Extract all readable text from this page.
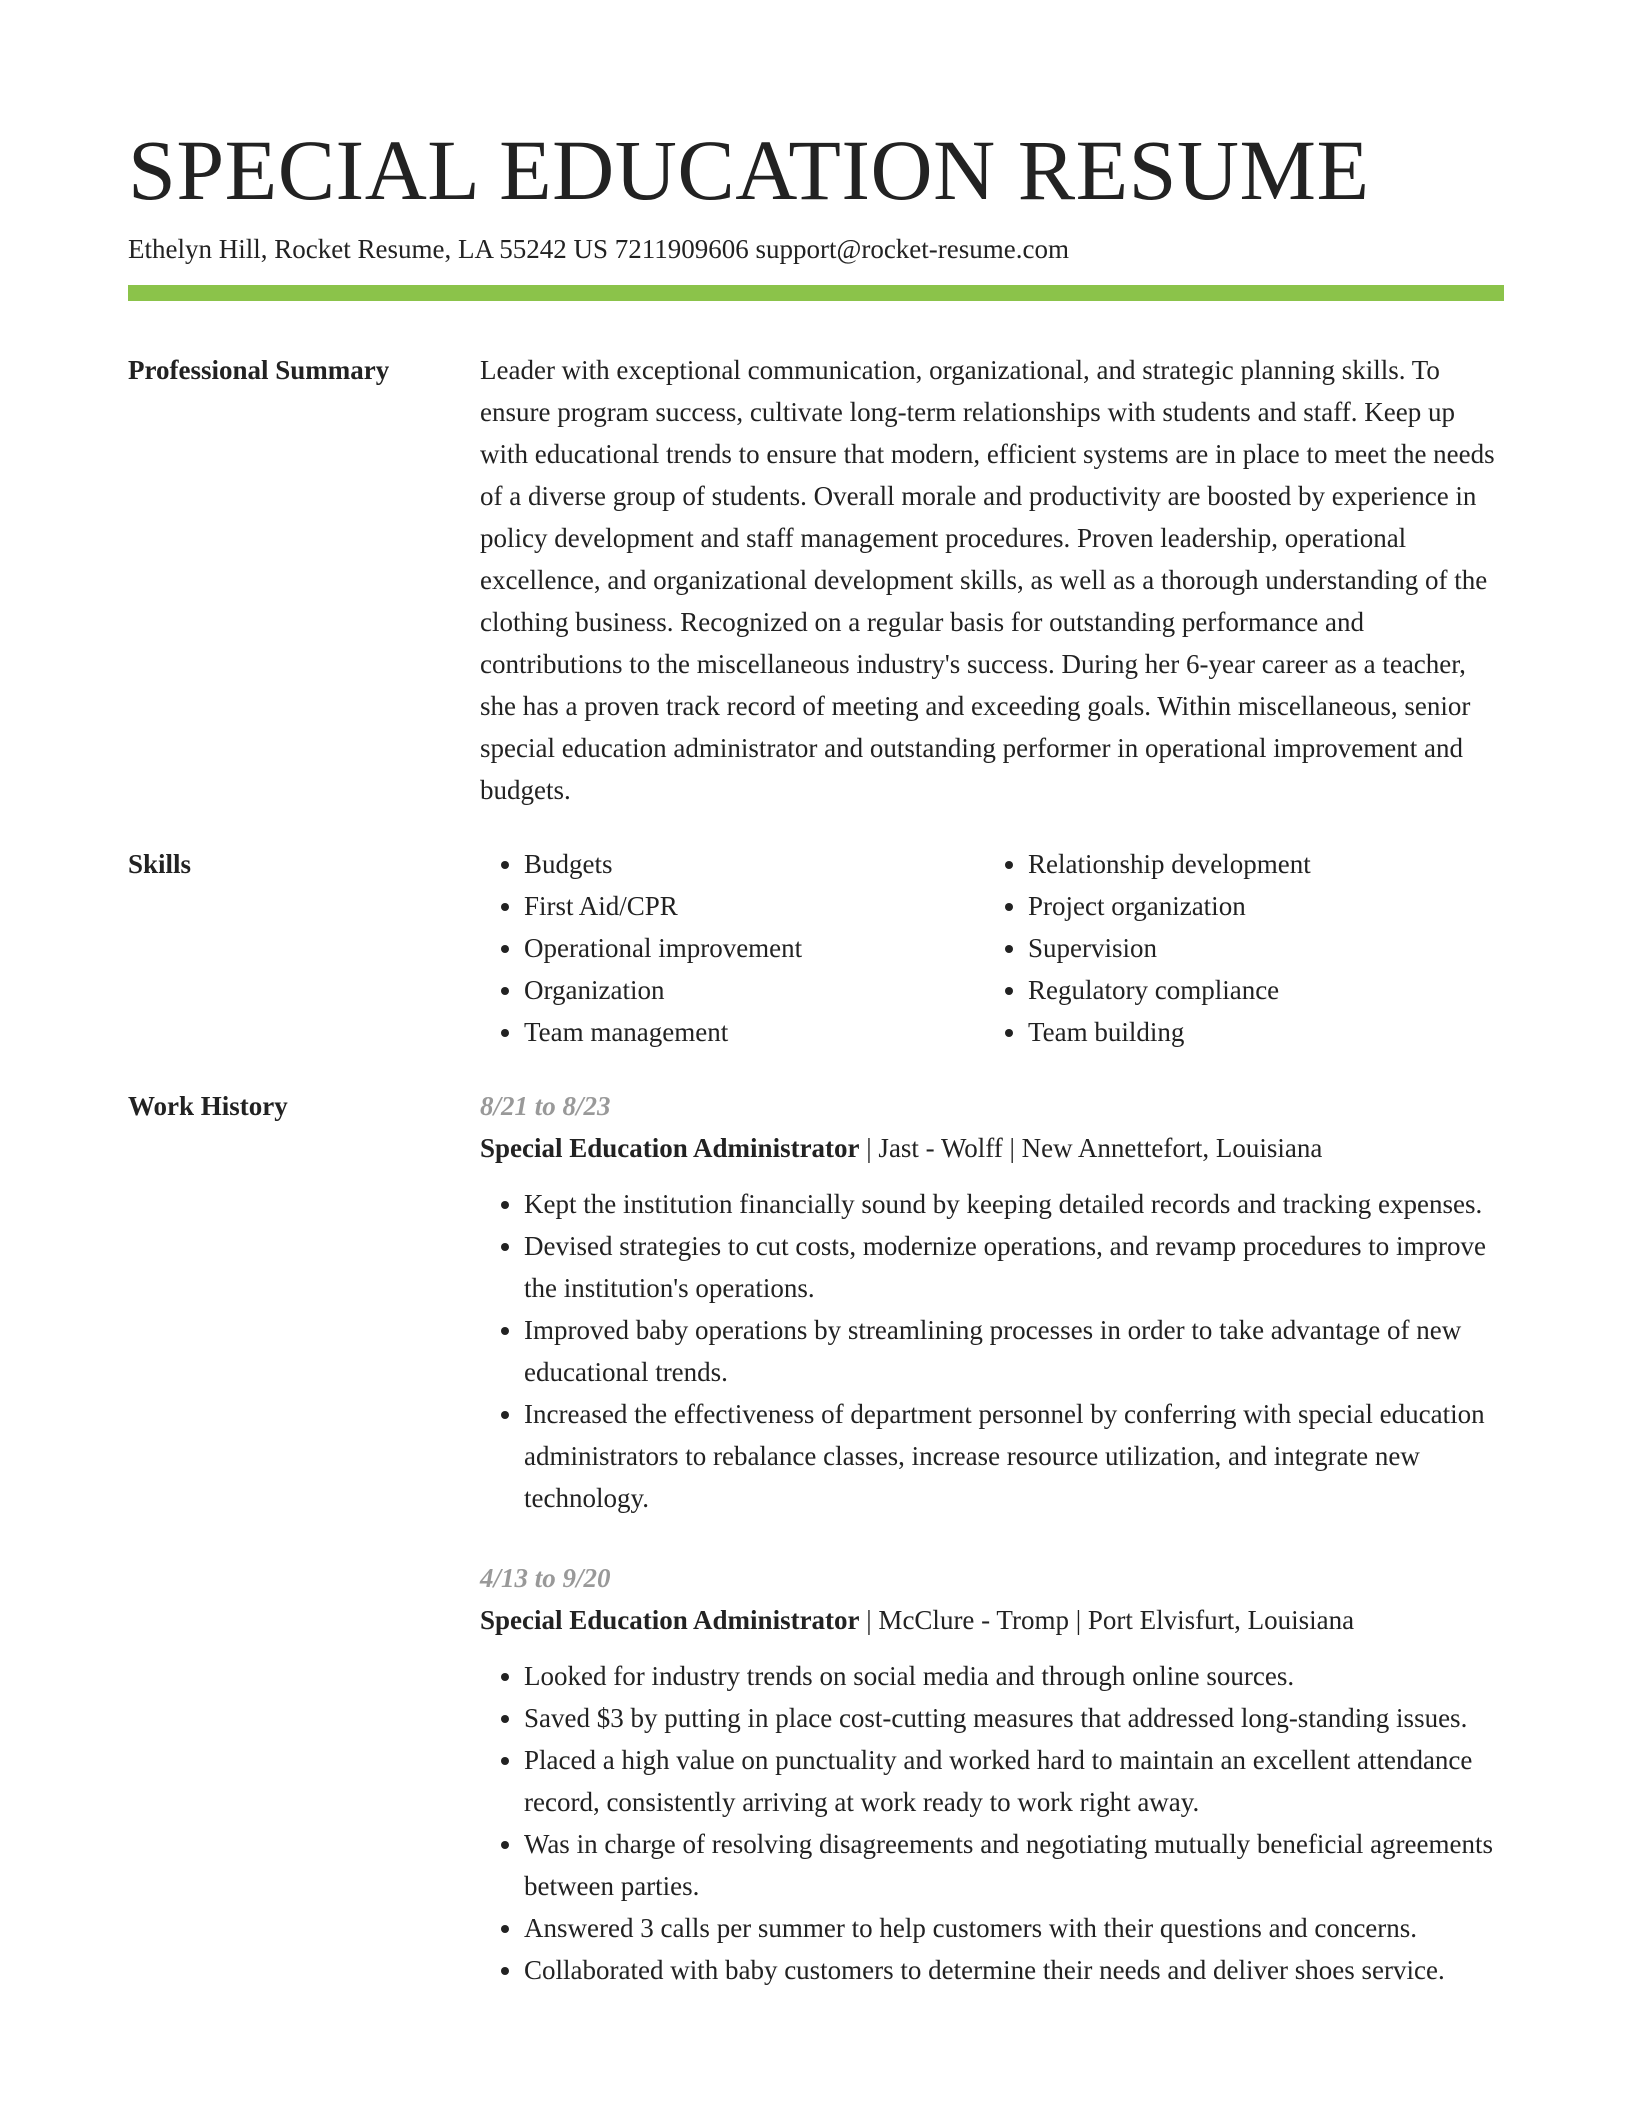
SPECIAL EDUCATION RESUME
Ethelyn Hill, Rocket Resume, LA 55242 US 7211909606 support@rocket-resume.com
Professional Summary	Leader with exceptional communication, organizational, and strategic planning skills. To ensure program success, cultivate long-term relationships with students and staff. Keep up with educational trends to ensure that modern, efficient systems are in place to meet the needs of a diverse group of students. Overall morale and productivity are boosted by experience in policy development and staff management procedures. Proven leadership, operational excellence, and organizational development skills, as well as a thorough understanding of the clothing business. Recognized on a regular basis for outstanding performance and contributions to the miscellaneous industry's success. During her 6-year career as a teacher, she has a proven track record of meeting and exceeding goals. Within miscellaneous, senior special education administrator and outstanding performer in operational improvement and budgets.

Skills
•	Budgets
• First Aid/CPR
• Operational improvement
• Organization
• Team management
• Relationship development
• Project organization
• Supervision
• Regulatory compliance
• Team building
Work History	8/21 to 8/23
Special Education Administrator | Jast - Wolff | New Annettefort, Louisiana
• Kept the institution financially sound by keeping detailed records and tracking expenses.
• Devised strategies to cut costs, modernize operations, and revamp procedures to improve the institution's operations.
• Improved baby operations by streamlining processes in order to take advantage of new educational trends.
• Increased the effectiveness of department personnel by conferring with special education administrators to rebalance classes, increase resource utilization, and integrate new technology.
4/13 to 9/20
Special Education Administrator | McClure - Tromp | Port Elvisfurt, Louisiana
• Looked for industry trends on social media and through online sources.
• Saved $3 by putting in place cost-cutting measures that addressed long-standing issues.
• Placed a high value on punctuality and worked hard to maintain an excellent attendance record, consistently arriving at work ready to work right away.
• Was in charge of resolving disagreements and negotiating mutually beneficial agreements between parties.
• Answered 3 calls per summer to help customers with their questions and concerns.
• Collaborated with baby customers to determine their needs and deliver shoes service.
